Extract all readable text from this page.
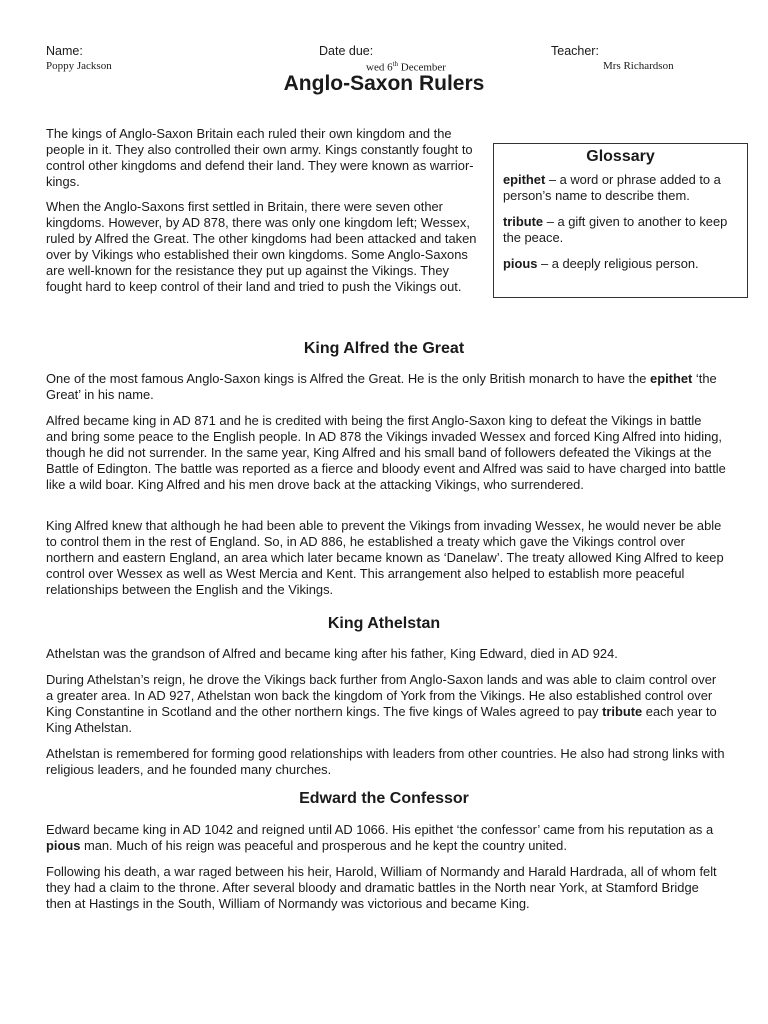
Name:
Poppy Jackson
Date due:
wed 6th December
Teacher:
Mrs Richardson
Anglo-Saxon Rulers

The kings of Anglo-Saxon Britain each ruled their own kingdom and the people in it. They also controlled their own army. Kings constantly fought to control other kingdoms and defend their land. They were known as warrior-kings.

When the Anglo-Saxons first settled in Britain, there were seven other kingdoms. However, by AD 878, there was only one kingdom left; Wessex, ruled by Alfred the Great. The other kingdoms had been attacked and taken over by Vikings who established their own kingdoms. Some Anglo-Saxons are well-known for the resistance they put up against the Vikings. They fought hard to keep control of their land and tried to push the Vikings out.

Glossary
epithet – a word or phrase added to a person’s name to describe them.
tribute – a gift given to another to keep the peace.
pious – a deeply religious person.
King Alfred the Great

One of the most famous Anglo-Saxon kings is Alfred the Great. He is the only British monarch to have the epithet ‘the Great’ in his name.

Alfred became king in AD 871 and he is credited with being the first Anglo-Saxon king to defeat the Vikings in battle and bring some peace to the English people. In AD 878 the Vikings invaded Wessex and forced King Alfred into hiding, though he did not surrender. In the same year, King Alfred and his small band of followers defeated the Vikings at the Battle of Edington. The battle was reported as a fierce and bloody event and Alfred was said to have charged into battle like a wild boar. King Alfred and his men drove back at the attacking Vikings, who surrendered.

King Alfred knew that although he had been able to prevent the Vikings from invading Wessex, he would never be able to control them in the rest of England. So, in AD 886, he established a treaty which gave the Vikings control over northern and eastern England, an area which later became known as ‘Danelaw’. The treaty allowed King Alfred to keep control over Wessex as well as West Mercia and Kent. This arrangement also helped to establish more peaceful relationships between the English and the Vikings.

King Athelstan

Athelstan was the grandson of Alfred and became king after his father, King Edward, died in AD 924.

During Athelstan’s reign, he drove the Vikings back further from Anglo-Saxon lands and was able to claim control over a greater area. In AD 927, Athelstan won back the kingdom of York from the Vikings. He also established control over King Constantine in Scotland and the other northern kings. The five kings of Wales agreed to pay tribute each year to King Athelstan.

Athelstan is remembered for forming good relationships with leaders from other countries. He also had strong links with religious leaders, and he founded many churches.

Edward the Confessor

Edward became king in AD 1042 and reigned until AD 1066. His epithet ‘the confessor’ came from his reputation as a pious man. Much of his reign was peaceful and prosperous and he kept the country united.

Following his death, a war raged between his heir, Harold, William of Normandy and Harald Hardrada, all of whom felt they had a claim to the throne. After several bloody and dramatic battles in the North near York, at Stamford Bridge then at Hastings in the South, William of Normandy was victorious and became King.
